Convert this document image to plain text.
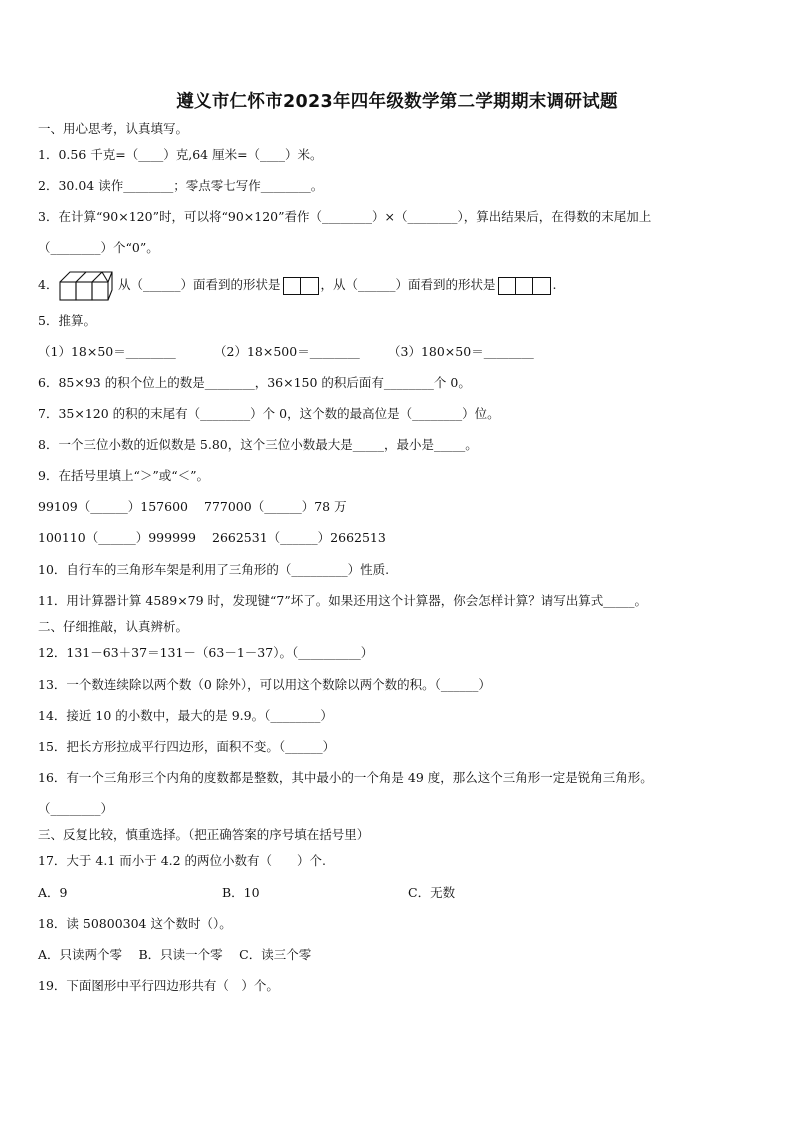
遵义市仁怀市2023年四年级数学第二学期期末调研试题
一、用心思考，认真填写。
1．0.56 千克=（____）克,64 厘米=（____）米。
2．30.04 读作________；零点零七写作________。
3．在计算“90×120”时，可以将“90×120”看作（________）×（________），算出结果后，在得数的末尾加上
（________）个“0”。
4．	从（______）面看到的形状是	，从（______）面看到的形状是	.
5．推算。
（1）18×50＝________	（2）18×500＝________ （3）180×50＝________
6．85×93 的积个位上的数是________，36×150 的积后面有________个 0。
7．35×120 的积的末尾有（________）个 0，这个数的最高位是（________）位。
8．一个三位小数的近似数是 5.80，这个三位小数最大是_____，最小是_____。
9．在括号里填上“＞”或“＜”。
99109（______）157600 777000（______）78 万
100110（______）999999 2662531（______）2662513
10．自行车的三角形车架是利用了三角形的（_________）性质.
11．用计算器计算 4589×79 时，发现键“7”坏了。如果还用这个计算器，你会怎样计算？请写出算式_____。
二、仔细推敲，认真辨析。
12．131－63＋37＝131－（63－1－37）。（__________）
13．一个数连续除以两个数（0 除外），可以用这个数除以两个数的积。（______）
14．接近 10 的小数中，最大的是 9.9。（________）
15．把长方形拉成平行四边形，面积不变。（______）
16．有一个三角形三个内角的度数都是整数，其中最小的一个角是 49 度，那么这个三角形一定是锐角三角形。
（________）
三、反复比较，慎重选择。（把正确答案的序号填在括号里）
17．大于 4.1 而小于 4.2 的两位小数有（　　）个.
A．9	B．10	C．无数
18．读 50800304 这个数时（）。
A．只读两个零　 B．只读一个零　 C．读三个零
19．下面图形中平行四边形共有（　）个。
